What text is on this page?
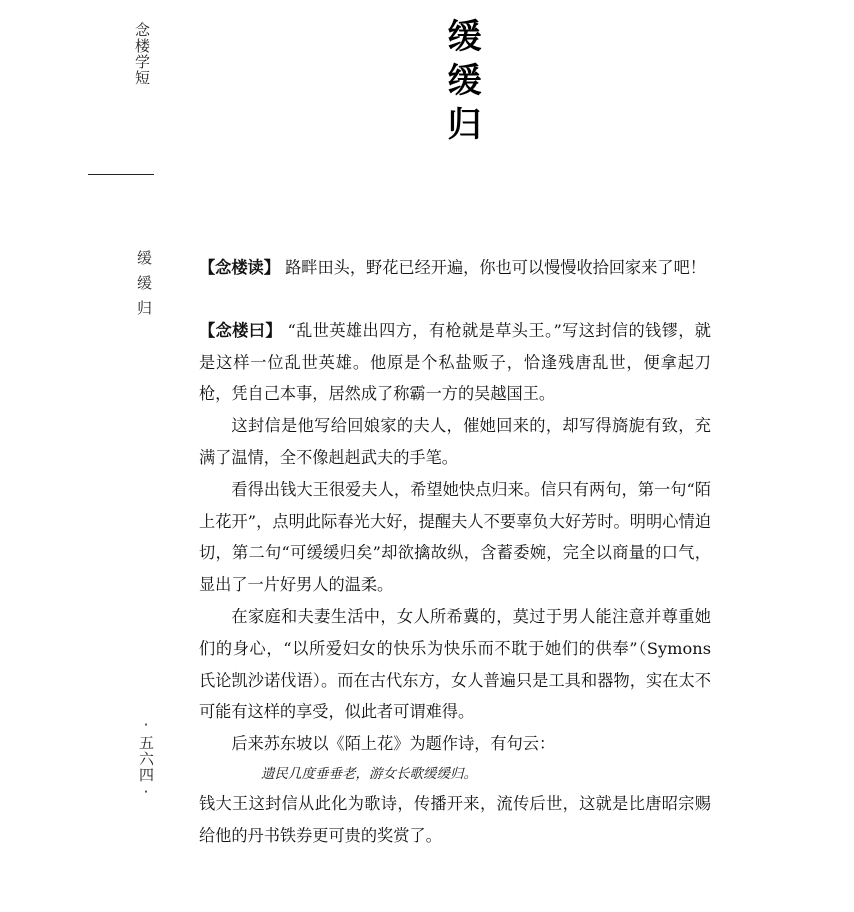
念楼学短
缓缓归
·五六四·
缓缓归

【念楼读】 路畔田头，野花已经开遍，你也可以慢慢收拾回家来了吧！

【念楼曰】 “乱世英雄出四方，有枪就是草头王。”写这封信的钱镠，就是这样一位乱世英雄。他原是个私盐贩子，恰逢残唐乱世，便拿起刀枪，凭自己本事，居然成了称霸一方的吴越国王。

这封信是他写给回娘家的夫人，催她回来的，却写得旖旎有致，充满了温情，全不像赳赳武夫的手笔。

看得出钱大王很爱夫人，希望她快点归来。信只有两句，第一句“陌上花开”，点明此际春光大好，提醒夫人不要辜负大好芳时。明明心情迫切，第二句“可缓缓归矣”却欲擒故纵，含蓄委婉，完全以商量的口气，显出了一片好男人的温柔。

在家庭和夫妻生活中，女人所希冀的，莫过于男人能注意并尊重她们的身心，“以所爱妇女的快乐为快乐而不耽于她们的供奉”（Symons 氏论凯沙诺伐语）。而在古代东方，女人普遍只是工具和器物，实在太不可能有这样的享受，似此者可谓难得。

后来苏东坡以《陌上花》为题作诗，有句云：

遗民几度垂垂老，游女长歌缓缓归。

钱大王这封信从此化为歌诗，传播开来，流传后世，这就是比唐昭宗赐给他的丹书铁券更可贵的奖赏了。
